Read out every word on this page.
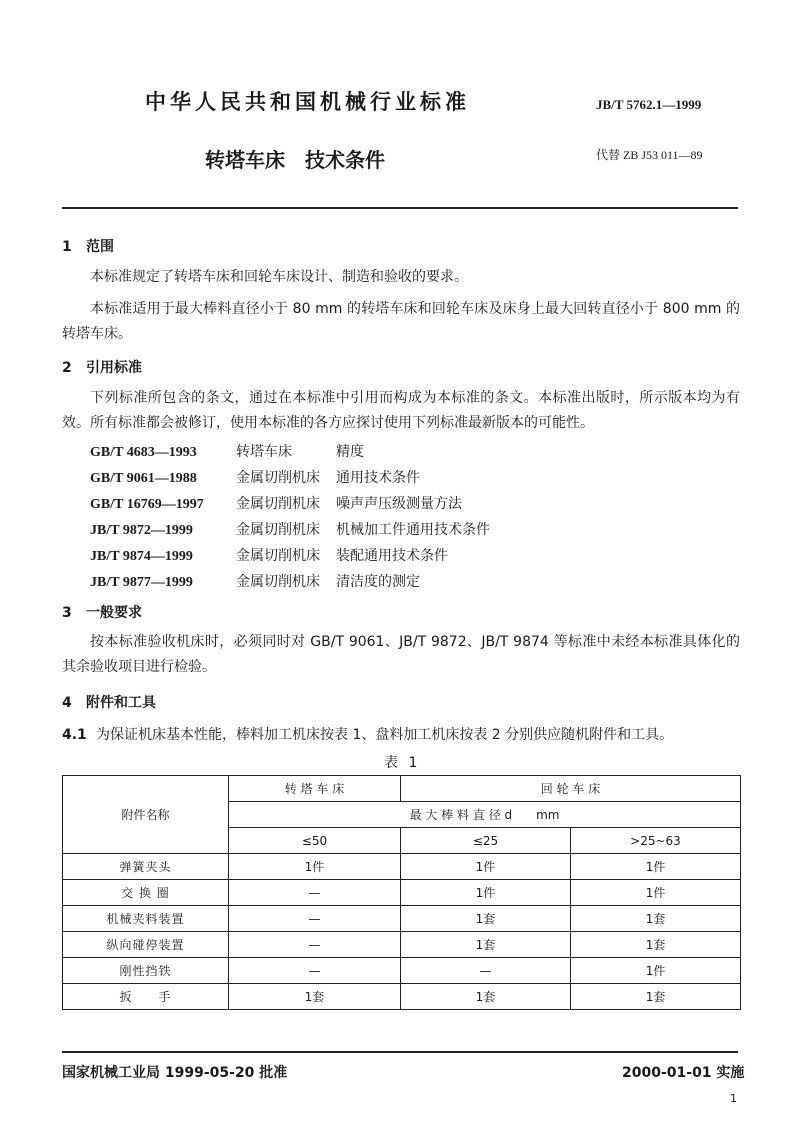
中华人民共和国机械行业标准	JB/T 5762.1—1999
转塔车床　技术条件	代替 ZB J53 011—89
1 范围
本标准规定了转塔车床和回轮车床设计、制造和验收的要求。
本标准适用于最大棒料直径小于 80 mm 的转塔车床和回轮车床及床身上最大回转直径小于 800 mm 的转塔车床。
2 引用标准
下列标准所包含的条文，通过在本标准中引用而构成为本标准的条文。本标准出版时，所示版本均为有效。所有标准都会被修订，使用本标准的各方应探讨使用下列标准最新版本的可能性。
GB/T 4683—1993	转塔车床	精度
GB/T 9061—1988	金属切削机床 通用技术条件
GB/T 16769—1997 金属切削机床 噪声声压级测量方法
JB/T 9872—1999	金属切削机床 机械加工件通用技术条件
JB/T 9874—1999	金属切削机床 装配通用技术条件
JB/T 9877—1999	金属切削机床 清洁度的测定
3 一般要求
按本标准验收机床时，必须同时对 GB/T 9061、JB/T 9872、JB/T 9874 等标准中未经本标准具体化的其余验收项目进行检验。
4 附件和工具
4.1 为保证机床基本性能，棒料加工机床按表 1、盘料加工机床按表 2 分别供应随机附件和工具。
表 1
附件名称	转 塔 车 床	回 轮 车 床	
	最 大 棒 料 直 径 d　　mm		
	≤50	≤25	>25~63
弹簧夹头	1件	1件	1件
交 换 圈	—	1件	1件
机械夹料装置	—	1套	1套
纵向碰停装置	—	1套	1套
刚性挡铁	—	—	1件
扳　　手	1套	1套	1套
国家机械工业局 1999-05-20 批准	2000-01-01 实施
1
